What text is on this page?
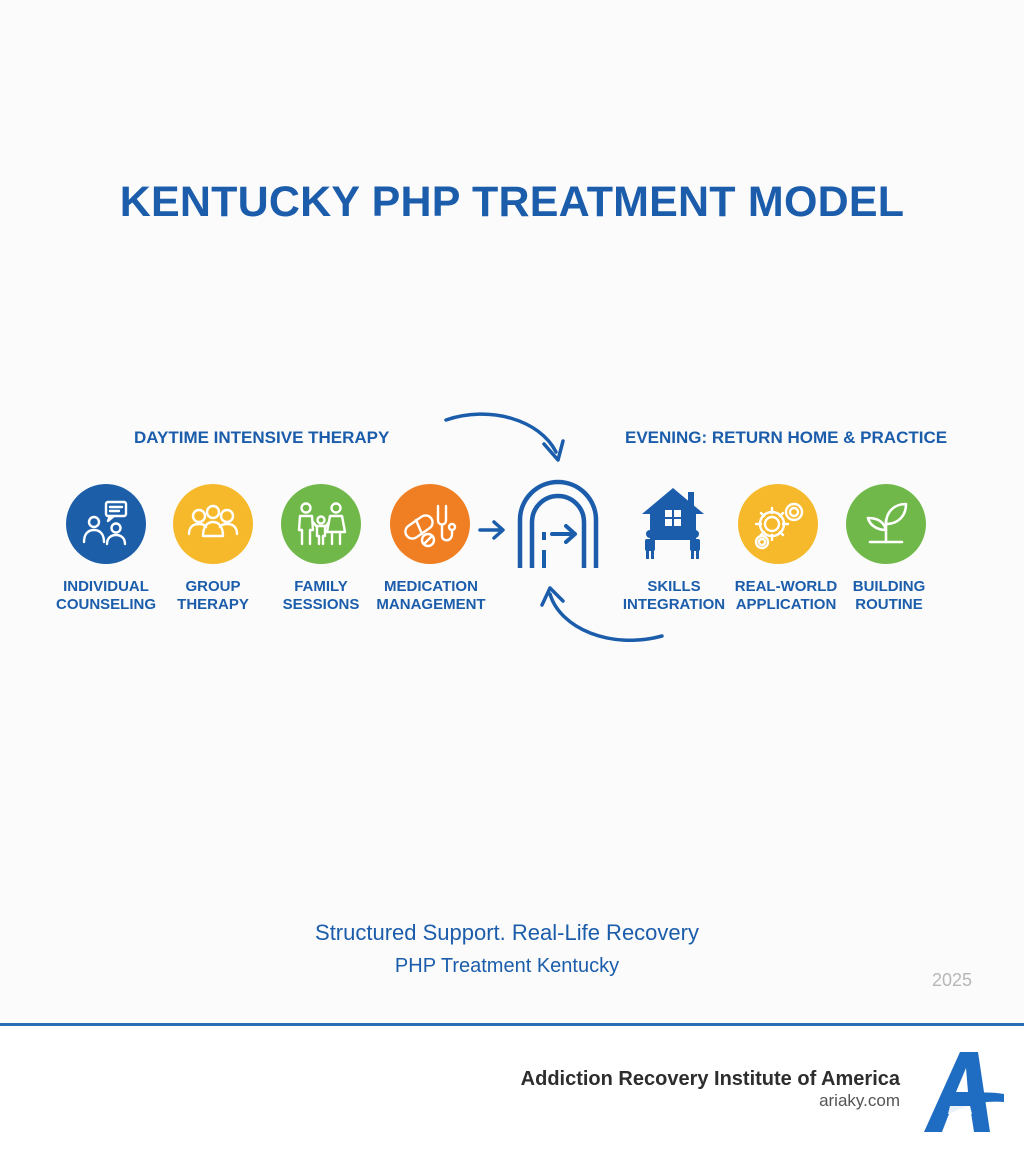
KENTUCKY PHP TREATMENT MODEL
DAYTIME INTENSIVE THERAPY	EVENING: RETURN HOME & PRACTICE
INDIVIDUAL
COUNSELING
GROUP
THERAPY
FAMILY
SESSIONS
MEDICATION
MANAGEMENT
SKILLS
INTEGRATION
REAL-WORLD
APPLICATION
BUILDING
ROUTINE
Structured Support. Real-Life Recovery
PHP Treatment Kentucky
2025
Addiction Recovery Institute of America
ariaky.com
